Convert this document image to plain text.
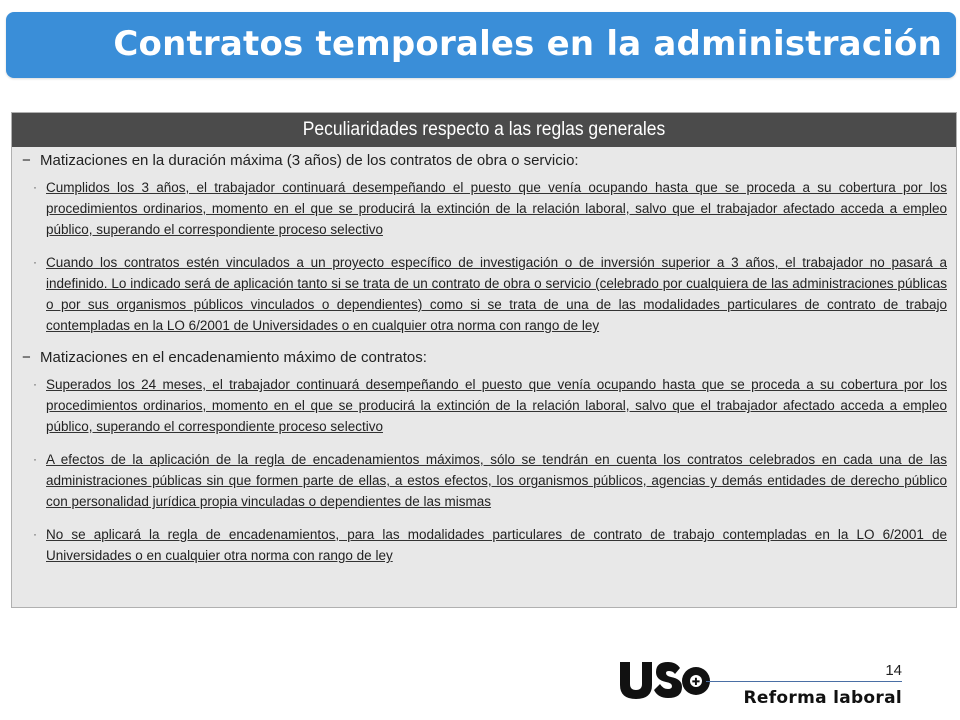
Contratos temporales en la administración
Peculiaridades respecto a las reglas generales
− Matizaciones en la duración máxima (3 años) de los contratos de obra o servicio:
· Cumplidos los 3 años, el trabajador continuará desempeñando el puesto que venía ocupando hasta que se proceda a su cobertura por los procedimientos ordinarios, momento en el que se producirá la extinción de la relación laboral, salvo que el trabajador afectado acceda a empleo público, superando el correspondiente proceso selectivo
· Cuando los contratos estén vinculados a un proyecto específico de investigación o de inversión superior a 3 años, el trabajador no pasará a indefinido. Lo indicado será de aplicación tanto si se trata de un contrato de obra o servicio (celebrado por cualquiera de las administraciones públicas o por sus organismos públicos vinculados o dependientes) como si se trata de una de las modalidades particulares de contrato de trabajo contempladas en la LO 6/2001 de Universidades o en cualquier otra norma con rango de ley
− Matizaciones en el encadenamiento máximo de contratos:
· Superados los 24 meses, el trabajador continuará desempeñando el puesto que venía ocupando hasta que se proceda a su cobertura por los procedimientos ordinarios, momento en el que se producirá la extinción de la relación laboral, salvo que el trabajador afectado acceda a empleo público, superando el correspondiente proceso selectivo
· A efectos de la aplicación de la regla de encadenamientos máximos, sólo se tendrán en cuenta los contratos celebrados en cada una de las administraciones públicas sin que formen parte de ellas, a estos efectos, los organismos públicos, agencias y demás entidades de derecho público con personalidad jurídica propia vinculadas o dependientes de las mismas
· No se aplicará la regla de encadenamientos, para las modalidades particulares de contrato de trabajo contempladas en la LO 6/2001 de Universidades o en cualquier otra norma con rango de ley
✚
14
Reforma laboral
